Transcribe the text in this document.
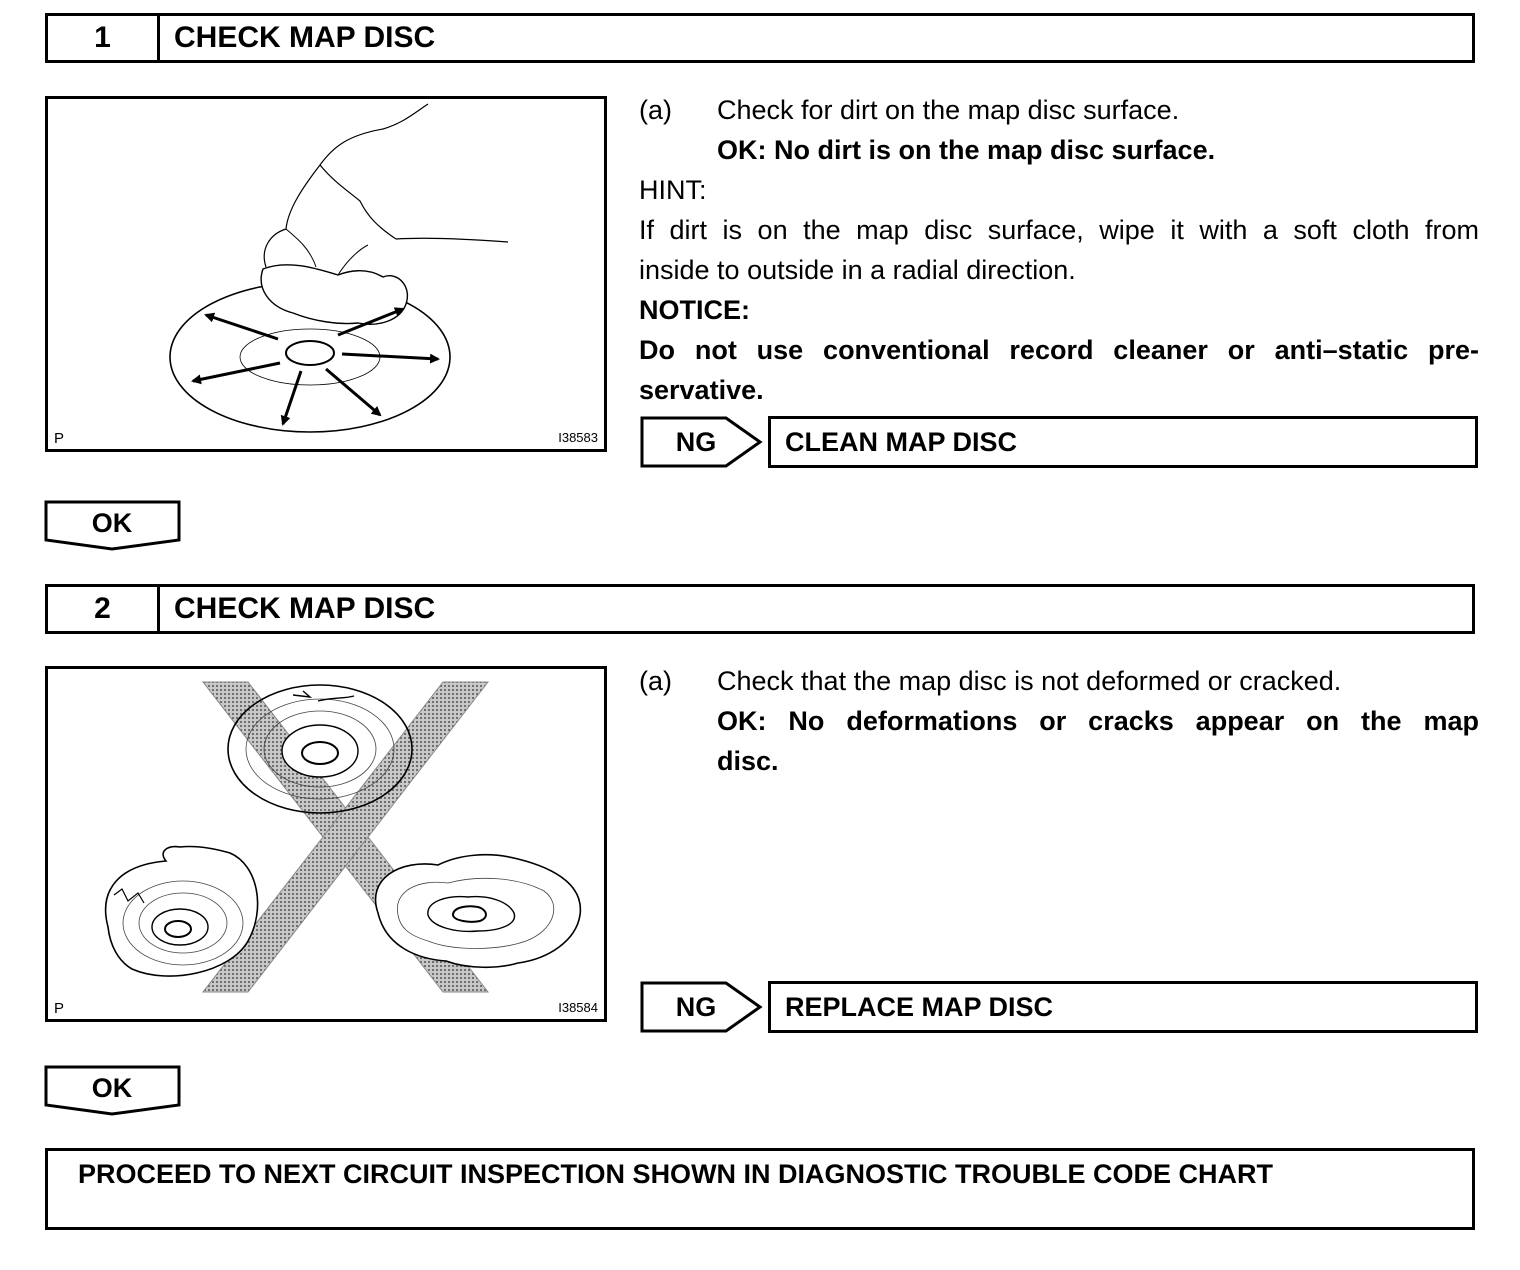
1	CHECK MAP DISC
P	I38583
(a)	Check for dirt on the map disc surface.
OK: No dirt is on the map disc surface.
HINT:
If dirt is on the map disc surface, wipe it with a soft cloth from
inside to outside in a radial direction.
NOTICE:
Do not use conventional record cleaner or anti–static pre-
servative.
NG	CLEAN MAP DISC
OK
2	CHECK MAP DISC
P	I38584
(a)	Check that the map disc is not deformed or cracked.
OK: No deformations or cracks appear on the map
disc.
NG	REPLACE MAP DISC
OK
PROCEED TO NEXT CIRCUIT INSPECTION SHOWN IN DIAGNOSTIC TROUBLE CODE CHART
